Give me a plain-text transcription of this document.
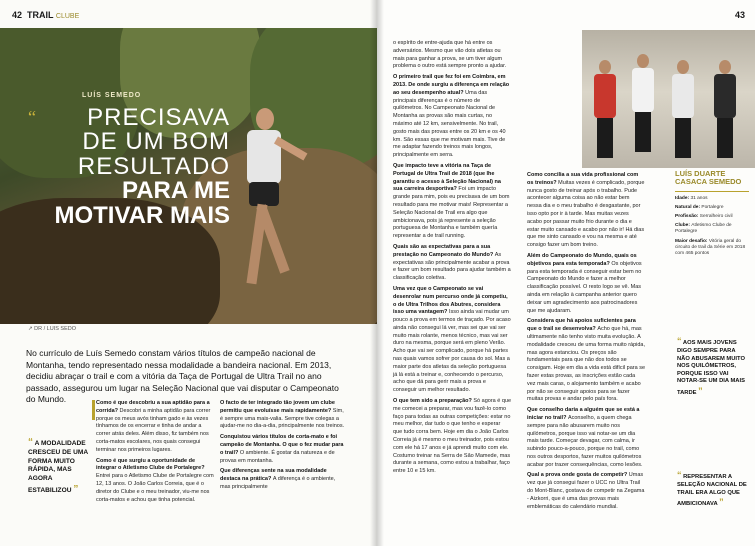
42 TRAIL CLUBE
LUÍS SEMEDO
“	PRECISAVA
DE UM BOM
RESULTADO
PARA ME
MOTIVAR MAIS
↗ DR / LUIS SEDO
No currículo de Luís Semedo constam vários títulos de campeão nacional de Montanha, tendo representado nessa modalidade a bandeira nacional. Em 2013, decidiu abraçar o trail e com a vitória da Taça de Portugal de Ultra Trail no ano passado, assegurou um lugar na Seleção Nacional que vai disputar o Campeonato do Mundo.
“ A MODALIDADE CRESCEU DE UMA FORMA MUITO RÁPIDA, MAS AGORA ESTABILIZOU ”

Como é que descobriu a sua aptidão para a corrida? Descobri a minha aptidão para correr porque os meus avós tinham gado e às vezes tínhamos de os encerrar e tinha de andar a correr atrás deles. Além disso, fiz também nos corta-matos escolares, nos quais consegui terminar nos primeiros lugares.

Como é que surgiu a oportunidade de integrar o Atletismo Clube de Portalegre? Entrei para o Atletismo Clube de Portalegre com 12, 13 anos. O João Carlos Correia, que é o diretor do Clube e o meu treinador, viu-me nos corta-matos e achou que tinha potencial.

O facto de ter integrado tão jovem um clube permitiu que evoluísse mais rapidamente? Sim, é sempre uma mais-valia. Sempre tive colegas a ajudar-me no dia-a-dia, principalmente nos treinos.

Conquistou vários títulos de corta-mato e foi campeão de Montanha. O que o fez mudar para o trail? O ambiente. É gostar da natureza e de provas em montanha.

Que diferenças sente na sua modalidade destaca na prática? A diferença é o ambiente, mas principalmente

43

o espírito de entre-ajuda que há entre os adversários. Mesmo que vão dois atletas ou mais para ganhar a prova, se um tiver algum problema o outro está sempre pronto a ajudar.

O primeiro trail que fez foi em Coimbra, em 2013. De onde surgiu a diferença em relação ao seu desempenho atual? Uma das principais diferenças é o número de quilómetros. No Campeonato Nacional de Montanha as provas são mais curtas, no máximo até 12 km, sensivelmente. No trail, gosto mais das provas entre os 20 km e os 40 km. São essas que me motivam mais. Tive de me adaptar fazendo treinos mais longos, principalmente em serra.

Que impacto teve a vitória na Taça de Portugal de Ultra Trail de 2018 (que lhe garantiu o acesso à Seleção Nacional) na sua carreira desportiva? Foi um impacto grande para mim, pois eu precisava de um bom resultado para me motivar mais! Representar a Seleção Nacional de Trail era algo que ambicionava, pois já represente a seleção portuguesa de Montanha e também quería representar a de trail running.

Quais são as expectativas para a sua prestação no Campeonato do Mundo? As expectativas são principalmente acabar a prova e fazer um bom resultado para ajudar também a classificação coletiva.

Uma vez que o Campeonato se vai desenrolar num percurso onde já competiu, o de Ultra Trilhos dos Abutres, considera isso uma vantagem? Isso ainda vai mudar um pouco a prova em termos de traçado. Por acaso ainda não consegui lá ver, mas sei que vai ser muito mais rolante, menos técnico, mas vai ser duro na mesma, porque será em pleno Verão. Acho que vai ser complicado, porque há partes nas quais vamos sofrer por causa do sol. Mas a maior parte dos atletas da seleção portuguesa já lá está a treinar e, conhecendo o percurso, acho que dá para gerir mais a prova e conseguir um melhor resultado.

O que tem sido a preparação? Só agora é que me comecei a preparar, mas vou fazê-lo como faço para todas as outras competições: estar no meu melhor, dar tudo o que tenho e esperar que tudo corra bem. Hoje em dia o João Carlos Correia já é mesmo o meu treinador, pois estou com ele há 17 anos e já aprendi muito com ele. Costumo treinar na Serra de São Mamede, mas durante a semana, como estou a trabalhar, faço entre 10 e 15 km.

Como concilia a sua vida profissional com os treinos? Muitas vezes é complicado, porque nunca gosto de treinar após o trabalho. Pude acontecer alguma coisa ao não estar bem nessa dia e o meu trabalho é desgastante, por isso opto por ir à tarde. Mas muitas vezes acabo por passar muito frio durante o dia e estar muito cansado e acabo por não ir! Há dias que me sinto cansado e vou na mesma e até consigo fazer um bom treino.

Além do Campeonato do Mundo, quais os objetivos para esta temporada? Os objetivos para esta temporada é conseguir estar bem no Campeonato do Mundo e fazer a melhor classificação possível. O resto logo se vê. Mas ainda em relação à campanha anterior quero deixar um agradecimento aos patrocinadores que me ajudaram.

Considera que há apoios suficientes para que o trail se desenvolva? Acho que há, mas ultimamente não tenho visto muita evolução. A modalidade cresceu de uma forma muito rápida, mas agora estanciou. Os preços são fundamentais para que não dos todos se consigam. Hoje em dia a vida está difícil para se fazer estas provas, as inscrições estão cada vez mais caras, o alojamento também e acabo por não se conseguir apoios para se fazer muitas provas e andar pelo país fora.

Que conselho daria a alguém que se está a iniciar no trail? Aconselho, a quem chega sempre para não abusarem muito nos quilómetros, porque isso vai notar-se um dia mais tarde. Começar devagar, com calma, ir subindo pouco-a-pouco, porque no trail, como nos outros desportos, fazer muitos quilómetros acabar por trazer consequências, como lesões.

Qual a prova onde gosta de competir? Umas vez que já consegui fazer o UCC no Ultra Trail do Mont-Blanc, gostava de competir na Zegama - Aizkorri, que é uma das provas mais emblemáticas do calendário mundial.

LUÍS DUARTE CASACA SEMEDO
Idade: 31 anos
Natural de: Portalegre
Profissão: Serralheiro civil
Clube: Atletismo Clube de Portalegre
Maior desafio: Vitória geral do circuito de trail da Série em 2018 com 465 pontos
“ AOS MAIS JOVENS DIGO SEMPRE PARA NÃO ABUSAREM MUITO NOS QUILÓMETROS, PORQUE ISSO VAI NOTAR-SE UM DIA MAIS TARDE ”
“ REPRESENTAR A SELEÇÃO NACIONAL DE TRAIL ERA ALGO QUE AMBICIONAVA ”
